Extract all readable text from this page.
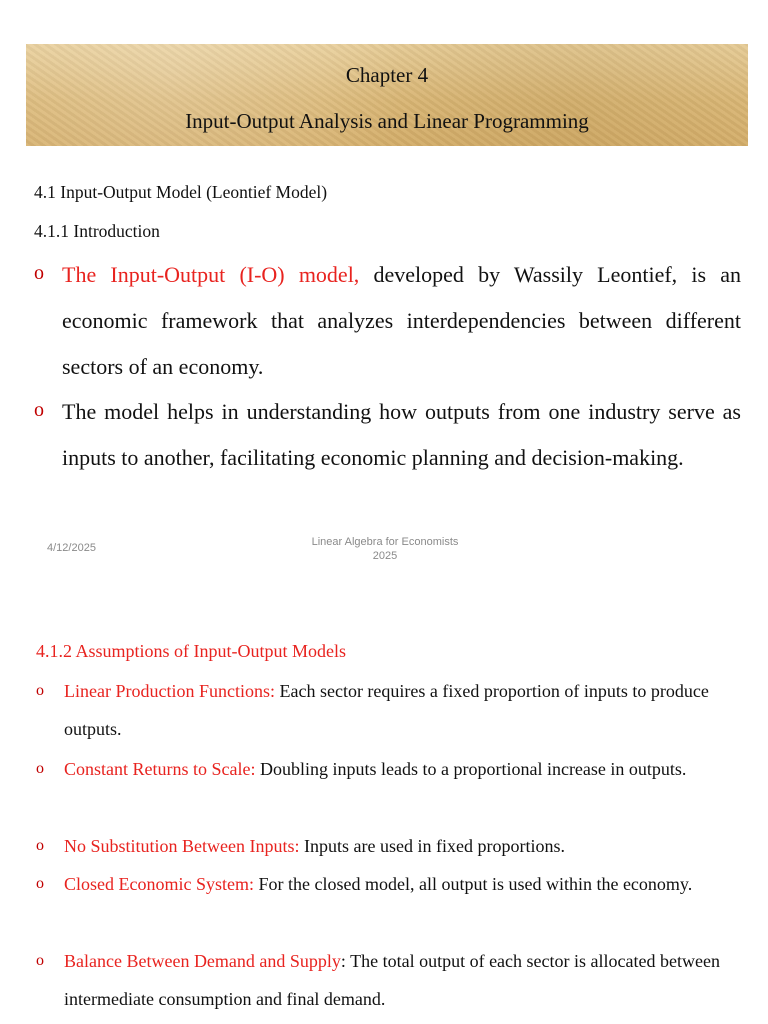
Chapter 4
Input-Output Analysis and Linear Programming
4.1 Input-Output Model (Leontief Model)
4.1.1 Introduction
o The Input-Output (I-O) model, developed by Wassily Leontief, is an economic framework that analyzes interdependencies between different sectors of an economy.
o The model helps in understanding how outputs from one industry serve as inputs to another, facilitating economic planning and decision-making.
4/12/2025	Linear Algebra for Economists
2025
4.1.2 Assumptions of Input-Output Models
o Linear Production Functions: Each sector requires a fixed proportion of inputs to produce outputs.
o Constant Returns to Scale: Doubling inputs leads to a proportional increase in outputs.
o No Substitution Between Inputs: Inputs are used in fixed proportions.
o Closed Economic System: For the closed model, all output is used within the economy.
o Balance Between Demand and Supply: The total output of each sector is allocated between intermediate consumption and final demand.
